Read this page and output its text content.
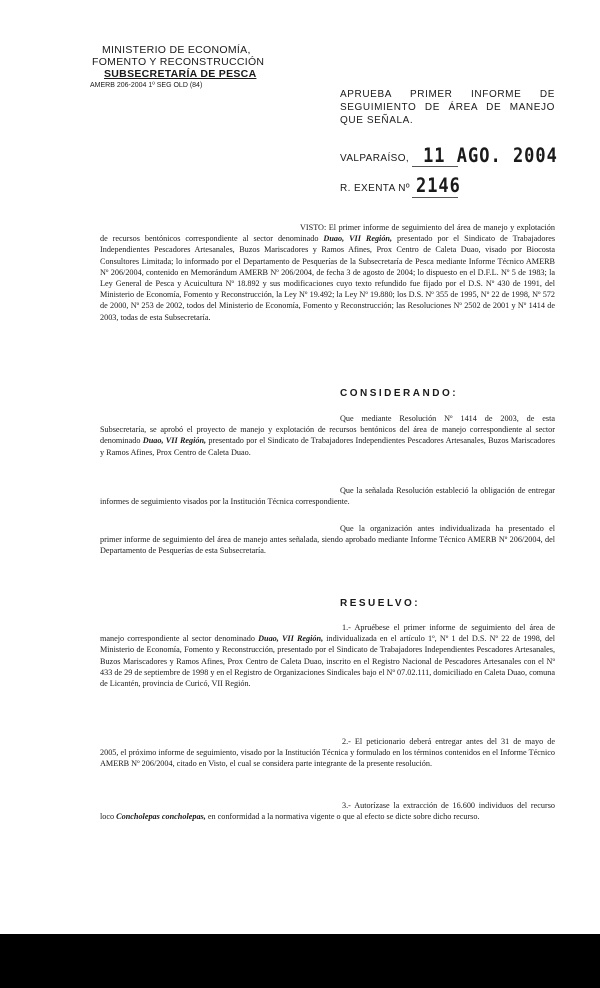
MINISTERIO DE ECONOMÍA,
FOMENTO Y RECONSTRUCCIÓN
SUBSECRETARÍA DE PESCA
AMERB 206-2004 1º SEG OLD (84)
APRUEBA PRIMER INFORME DE SEGUIMIENTO DE ÁREA DE MANEJO QUE SEÑALA.
VALPARAÍSO, 11 AGO. 2004
R. EXENTA Nº 2146

VISTO: El primer informe de seguimiento del área de manejo y explotación de recursos bentónicos correspondiente al sector denominado Duao, VII Región, presentado por el Sindicato de Trabajadores Independientes Pescadores Artesanales, Buzos Mariscadores y Ramos Afines, Prox Centro de Caleta Duao, visado por Biocosta Consultores Limitada; lo informado por el Departamento de Pesquerías de la Subsecretaría de Pesca mediante Informe Técnico AMERB Nº 206/2004, contenido en Memorándum AMERB Nº 206/2004, de fecha 3 de agosto de 2004; lo dispuesto en el D.F.L. Nº 5 de 1983; la Ley General de Pesca y Acuicultura Nº 18.892 y sus modificaciones cuyo texto refundido fue fijado por el D.S. Nº 430 de 1991, del Ministerio de Economía, Fomento y Reconstrucción, la Ley Nº 19.492; la Ley Nº 19.880; los D.S. Nº 355 de 1995, Nº 22 de 1998, Nº 572 de 2000, Nº 253 de 2002, todos del Ministerio de Economía, Fomento y Reconstrucción; las Resoluciones Nº 2502 de 2001 y Nº 1414 de 2003, todas de esta Subsecretaría.

CONSIDERANDO:

Que mediante Resolución Nº 1414 de 2003, de esta Subsecretaría, se aprobó el proyecto de manejo y explotación de recursos bentónicos del área de manejo correspondiente al sector denominado Duao, VII Región, presentado por el Sindicato de Trabajadores Independientes Pescadores Artesanales, Buzos Mariscadores y Ramos Afines, Prox Centro de Caleta Duao.

Que la señalada Resolución estableció la obligación de entregar informes de seguimiento visados por la Institución Técnica correspondiente.

Que la organización antes individualizada ha presentado el primer informe de seguimiento del área de manejo antes señalada, siendo aprobado mediante Informe Técnico AMERB Nº 206/2004, del Departamento de Pesquerías de esta Subsecretaría.

RESUELVO:

1.- Apruébese el primer informe de seguimiento del área de manejo correspondiente al sector denominado Duao, VII Región, individualizada en el artículo 1º, Nº 1 del D.S. Nº 22 de 1998, del Ministerio de Economía, Fomento y Reconstrucción, presentado por el Sindicato de Trabajadores Independientes Pescadores Artesanales, Buzos Mariscadores y Ramos Afines, Prox Centro de Caleta Duao, inscrito en el Registro Nacional de Pescadores Artesanales con el Nº 433 de 29 de septiembre de 1998 y en el Registro de Organizaciones Sindicales bajo el Nº 07.02.111, domiciliado en Caleta Duao, comuna de Licantén, provincia de Curicó, VII Región.

2.- El peticionario deberá entregar antes del 31 de mayo de 2005, el próximo informe de seguimiento, visado por la Institución Técnica y formulado en los términos contenidos en el Informe Técnico AMERB Nº 206/2004, citado en Visto, el cual se considera parte integrante de la presente resolución.

3.- Autorízase la extracción de 16.600 individuos del recurso loco Concholepas concholepas, en conformidad a la normativa vigente o que al efecto se dicte sobre dicho recurso.
